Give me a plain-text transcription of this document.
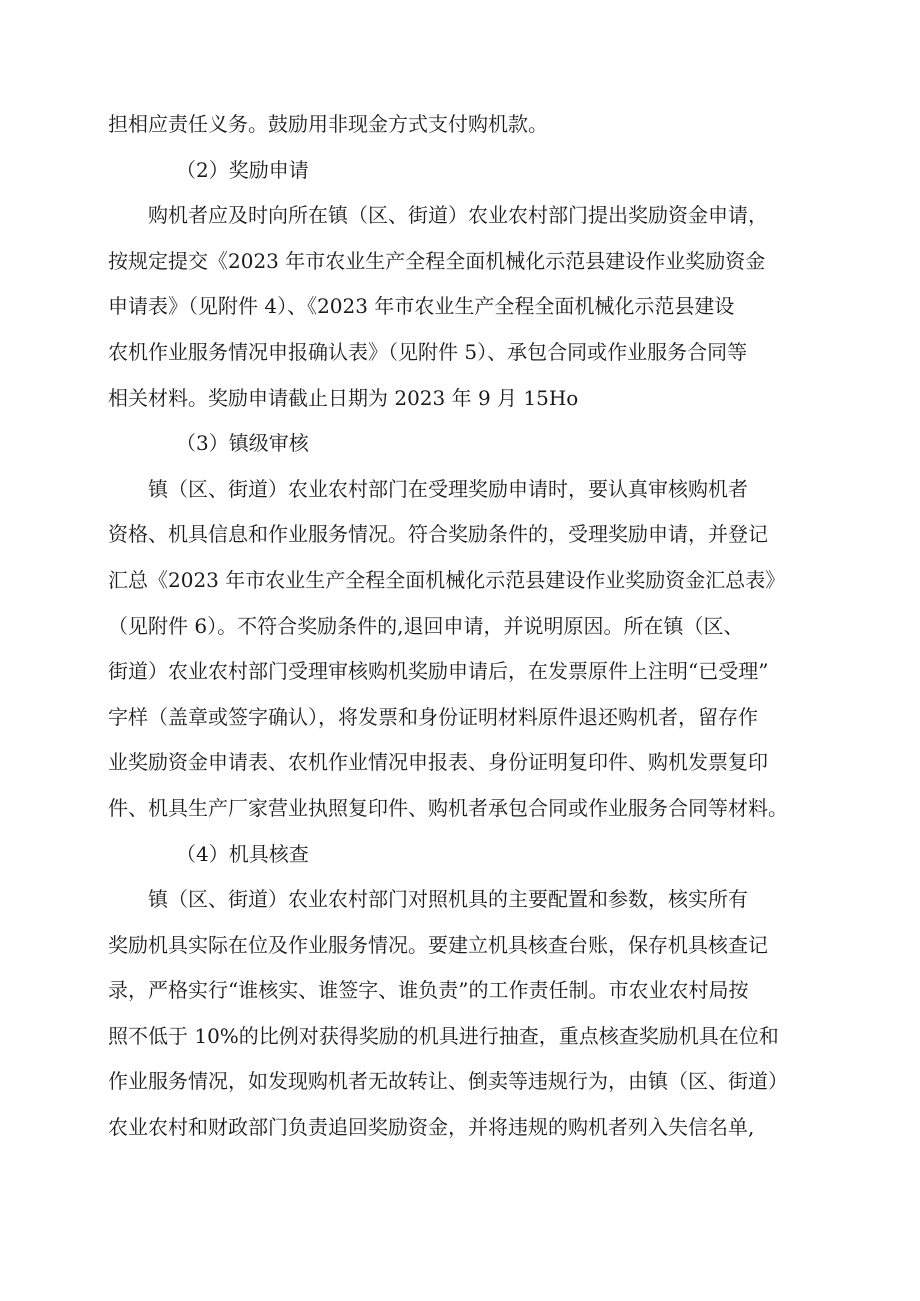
担相应责任义务。鼓励用非现金方式支付购机款。
（2）奖励申请
购机者应及时向所在镇（区、街道）农业农村部门提出奖励资金申请，
按规定提交《2023 年市农业生产全程全面机械化示范县建设作业奖励资金
申请表》（见附件 4）、《2023 年市农业生产全程全面机械化示范县建设
农机作业服务情况申报确认表》（见附件 5）、承包合同或作业服务合同等
相关材料。奖励申请截止日期为 2023 年 9 月 15Ho
（3）镇级审核
镇（区、街道）农业农村部门在受理奖励申请时，要认真审核购机者
资格、机具信息和作业服务情况。符合奖励条件的，受理奖励申请，并登记
汇总《2023 年市农业生产全程全面机械化示范县建设作业奖励资金汇总表》
（见附件 6）。不符合奖励条件的,退回申请，并说明原因。所在镇（区、
街道）农业农村部门受理审核购机奖励申请后，在发票原件上注明“已受理”
字样（盖章或签字确认），将发票和身份证明材料原件退还购机者，留存作
业奖励资金申请表、农机作业情况申报表、身份证明复印件、购机发票复印
件、机具生产厂家营业执照复印件、购机者承包合同或作业服务合同等材料。
（4）机具核查
镇（区、街道）农业农村部门对照机具的主要配置和参数，核实所有
奖励机具实际在位及作业服务情况。要建立机具核查台账，保存机具核查记
录，严格实行“谁核实、谁签字、谁负责”的工作责任制。市农业农村局按
照不低于 10%的比例对获得奖励的机具进行抽查，重点核查奖励机具在位和
作业服务情况，如发现购机者无故转让、倒卖等违规行为，由镇（区、街道）
农业农村和财政部门负责追回奖励资金，并将违规的购机者列入失信名单,
